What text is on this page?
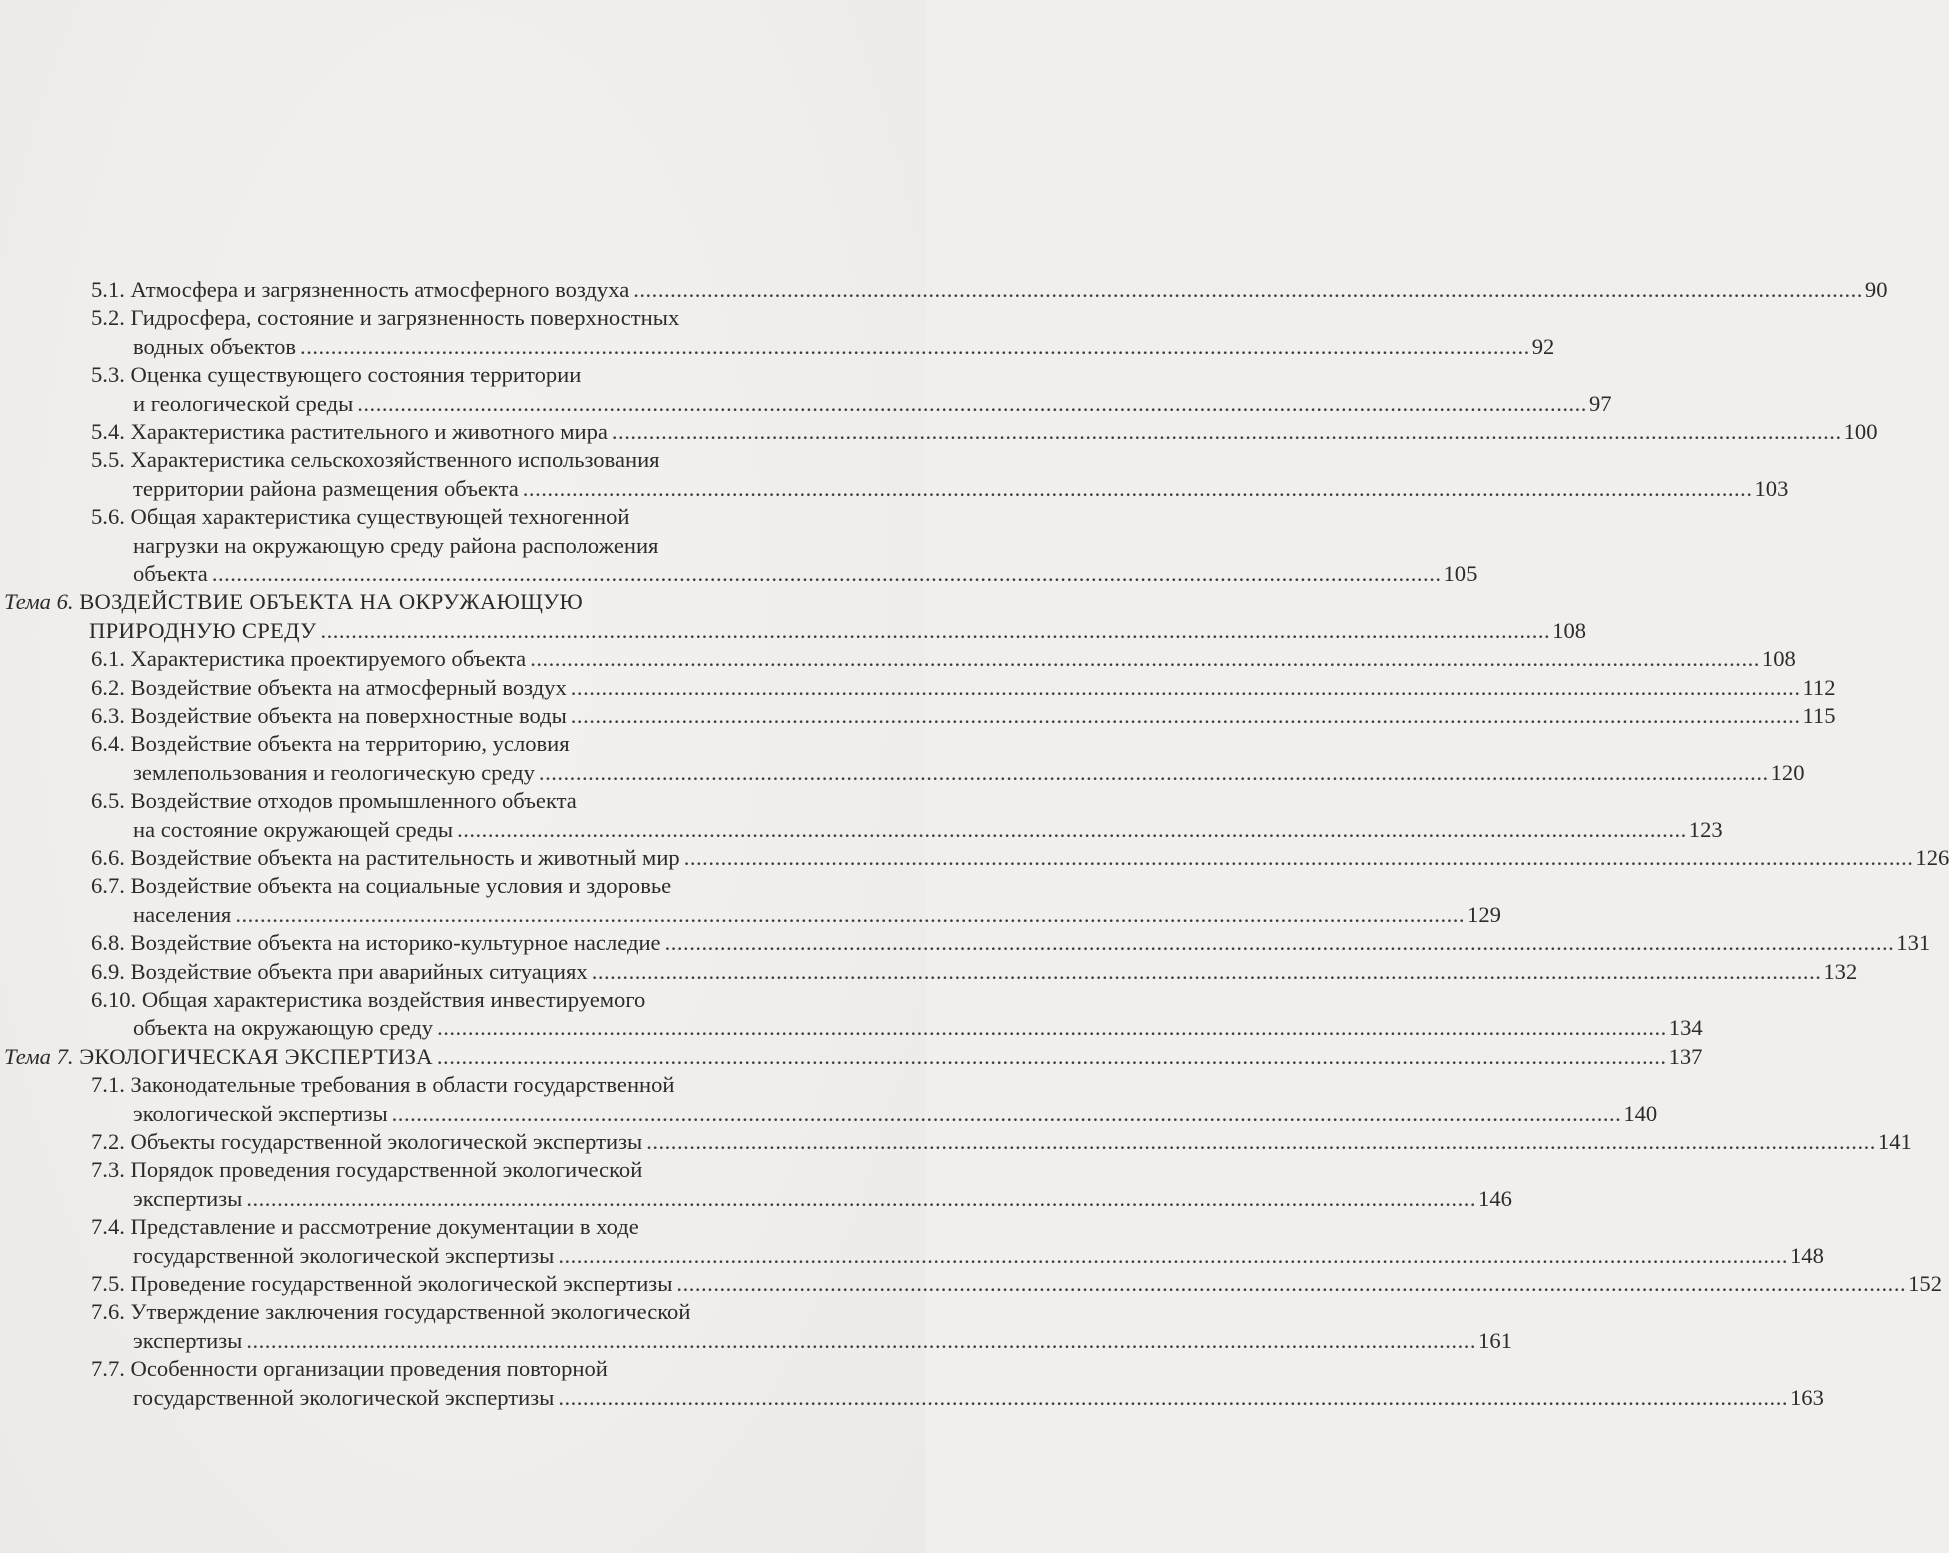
5.1.
Атмосфера и загрязненность атмосферного воздуха ........................................................................................................................................................................................................ 90
5.2.
Гидросфера, состояние и загрязненность поверхностных
водных объектов ........................................................................................................................................................................................................ 92
5.3.
Оценка существующего состояния территории
и геологической среды ........................................................................................................................................................................................................ 97
5.4.
Характеристика растительного и животного мира ........................................................................................................................................................................................................ 100
5.5.
Характеристика сельскохозяйственного использования
территории района размещения объекта ........................................................................................................................................................................................................ 103
5.6.
Общая характеристика существующей техногенной
нагрузки на окружающую среду района расположения
объекта ........................................................................................................................................................................................................ 105
Тема 6.
ВОЗДЕЙСТВИЕ ОБЪЕКТА НА ОКРУЖАЮЩУЮ
ПРИРОДНУЮ СРЕДУ ........................................................................................................................................................................................................ 108
6.1.
Характеристика проектируемого объекта ........................................................................................................................................................................................................ 108
6.2.
Воздействие объекта на атмосферный воздух ........................................................................................................................................................................................................ 112
6.3.
Воздействие объекта на поверхностные воды ........................................................................................................................................................................................................ 115
6.4.
Воздействие объекта на территорию, условия
землепользования и геологическую среду ........................................................................................................................................................................................................ 120
6.5.
Воздействие отходов промышленного объекта
на состояние окружающей среды ........................................................................................................................................................................................................ 123
6.6.
Воздействие объекта на растительность и животный мир ........................................................................................................................................................................................................ 126
6.7.
Воздействие объекта на социальные условия и здоровье
населения ........................................................................................................................................................................................................ 129
6.8.
Воздействие объекта на историко-культурное наследие ........................................................................................................................................................................................................ 131
6.9.
Воздействие объекта при аварийных ситуациях ........................................................................................................................................................................................................ 132
6.10.
Общая характеристика воздействия инвестируемого
объекта на окружающую среду ........................................................................................................................................................................................................ 134
Тема 7.
ЭКОЛОГИЧЕСКАЯ ЭКСПЕРТИЗА ........................................................................................................................................................................................................ 137
7.1.
Законодательные требования в области государственной
экологической экспертизы ........................................................................................................................................................................................................ 140
7.2.
Объекты государственной экологической экспертизы ........................................................................................................................................................................................................ 141
7.3.
Порядок проведения государственной экологической
экспертизы ........................................................................................................................................................................................................ 146
7.4.
Представление и рассмотрение документации в ходе
государственной экологической экспертизы ........................................................................................................................................................................................................ 148
7.5.
Проведение государственной экологической экспертизы ........................................................................................................................................................................................................ 152
7.6.
Утверждение заключения государственной экологической
экспертизы ........................................................................................................................................................................................................ 161
7.7.
Особенности организации проведения повторной
государственной экологической экспертизы ........................................................................................................................................................................................................ 163
